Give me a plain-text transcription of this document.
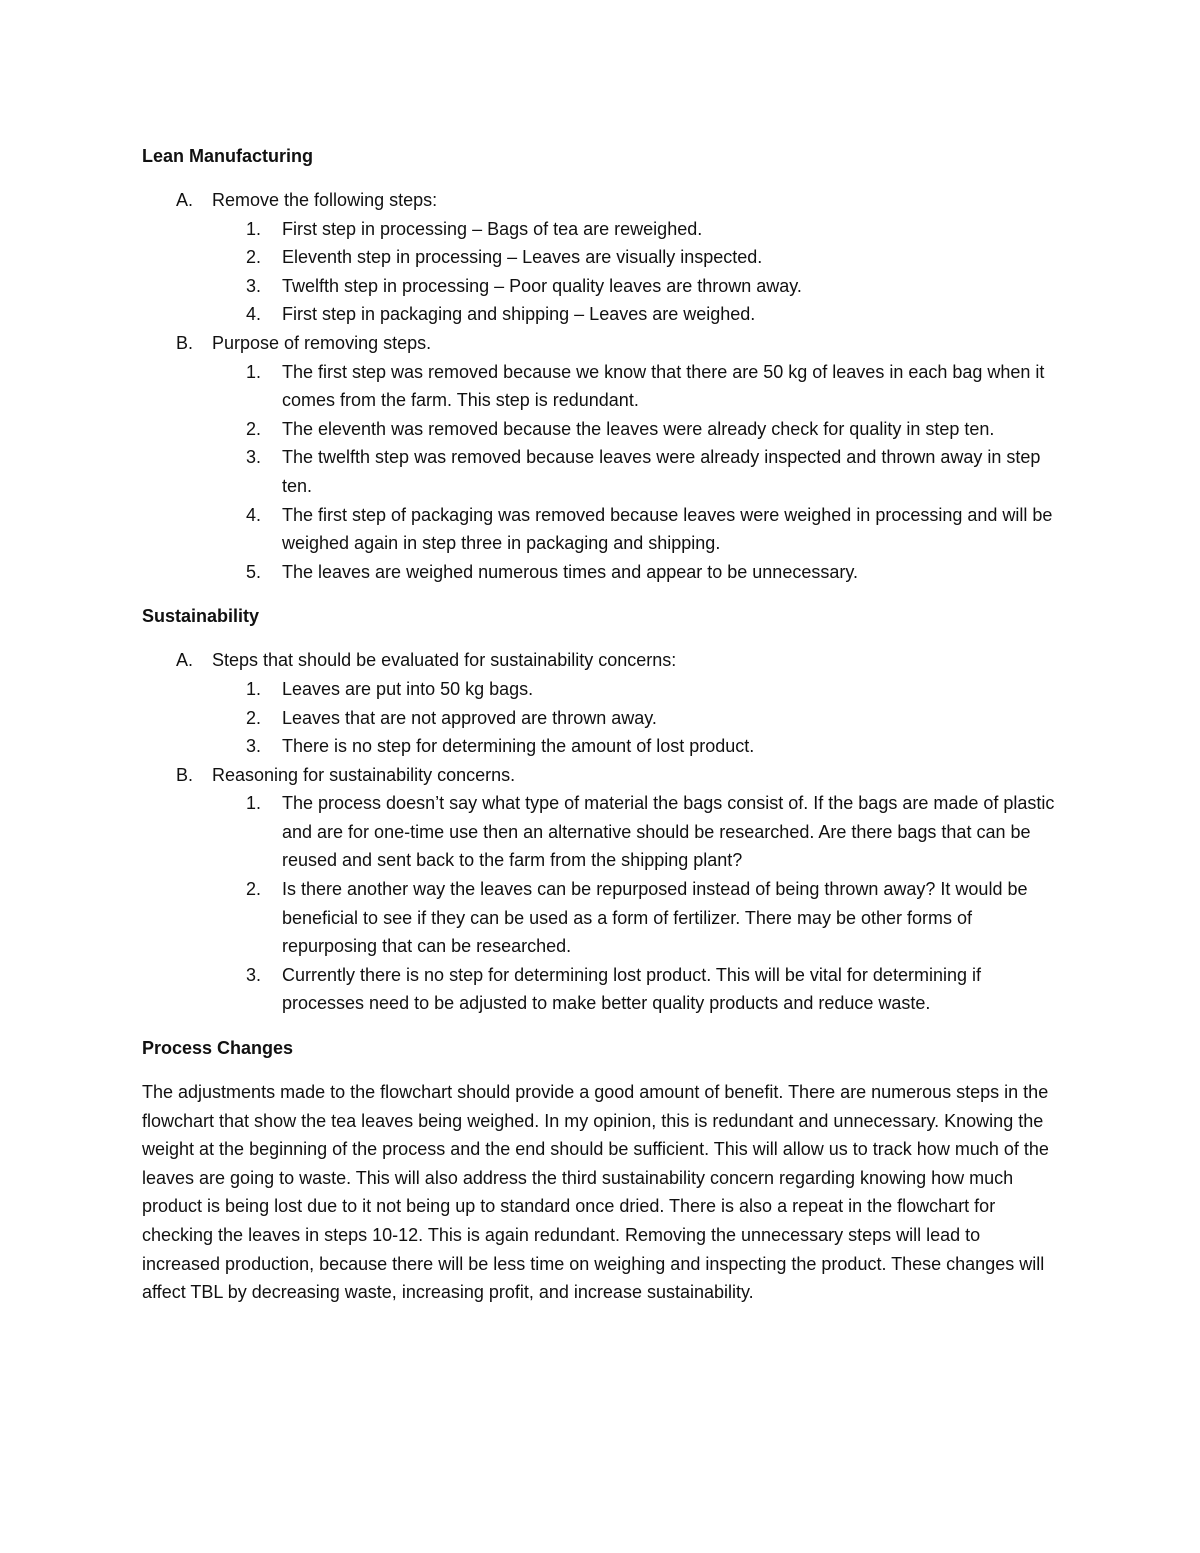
Lean Manufacturing
A. Remove the following steps:
1. First step in processing – Bags of tea are reweighed.
2. Eleventh step in processing – Leaves are visually inspected.
3. Twelfth step in processing – Poor quality leaves are thrown away.
4. First step in packaging and shipping – Leaves are weighed.
B. Purpose of removing steps.
1. The first step was removed because we know that there are 50 kg of leaves in each bag when it comes from the farm. This step is redundant.
2. The eleventh was removed because the leaves were already check for quality in step ten.
3. The twelfth step was removed because leaves were already inspected and thrown away in step ten.
4. The first step of packaging was removed because leaves were weighed in processing and will be weighed again in step three in packaging and shipping.
5. The leaves are weighed numerous times and appear to be unnecessary.
Sustainability
A. Steps that should be evaluated for sustainability concerns:
1. Leaves are put into 50 kg bags.
2. Leaves that are not approved are thrown away.
3. There is no step for determining the amount of lost product.
B. Reasoning for sustainability concerns.
1. The process doesn’t say what type of material the bags consist of. If the bags are made of plastic and are for one-time use then an alternative should be researched. Are there bags that can be reused and sent back to the farm from the shipping plant?
2. Is there another way the leaves can be repurposed instead of being thrown away? It would be beneficial to see if they can be used as a form of fertilizer. There may be other forms of repurposing that can be researched.
3. Currently there is no step for determining lost product. This will be vital for determining if processes need to be adjusted to make better quality products and reduce waste.
Process Changes

The adjustments made to the flowchart should provide a good amount of benefit. There are numerous steps in the flowchart that show the tea leaves being weighed. In my opinion, this is redundant and unnecessary. Knowing the weight at the beginning of the process and the end should be sufficient. This will allow us to track how much of the leaves are going to waste. This will also address the third sustainability concern regarding knowing how much product is being lost due to it not being up to standard once dried. There is also a repeat in the flowchart for checking the leaves in steps 10-12. This is again redundant. Removing the unnecessary steps will lead to increased production, because there will be less time on weighing and inspecting the product. These changes will affect TBL by decreasing waste, increasing profit, and increase sustainability.
